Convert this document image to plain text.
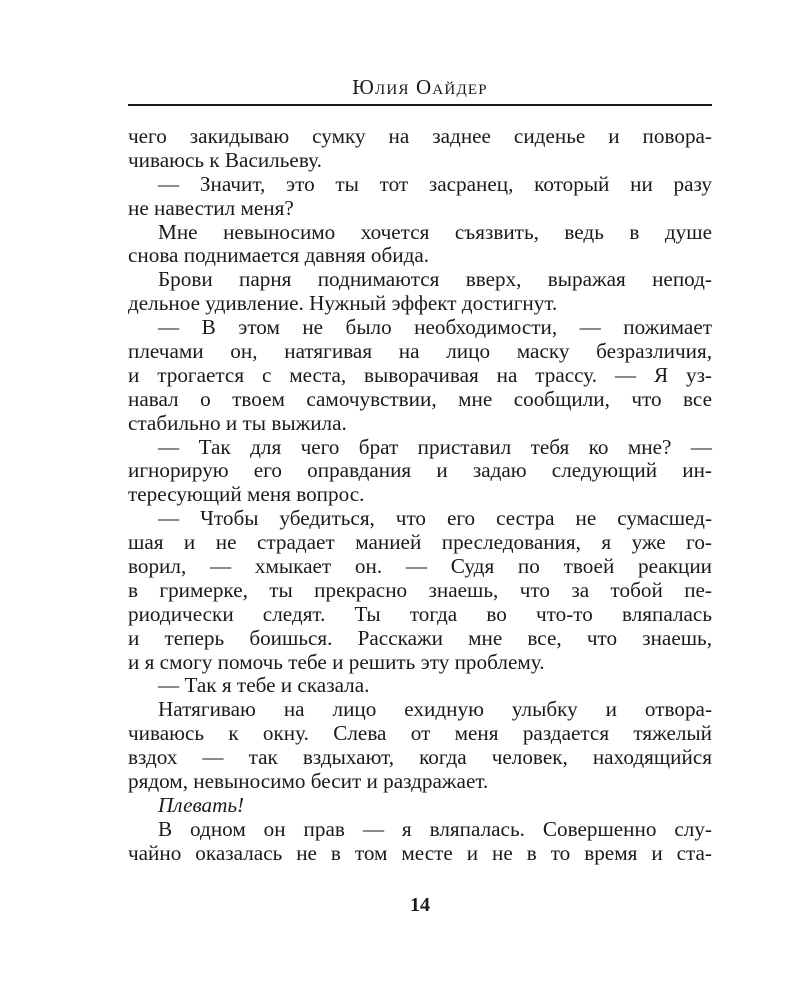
Юлия Оайдер
чего закидываю сумку на заднее сиденье и повора-
чиваюсь к Васильеву.
— Значит, это ты тот засранец, который ни разу
не навестил меня?
Мне невыносимо хочется съязвить, ведь в душе
снова поднимается давняя обида.
Брови парня поднимаются вверх, выражая непод-
дельное удивление. Нужный эффект достигнут.
— В этом не было необходимости, — пожимает
плечами он, натягивая на лицо маску безразличия,
и трогается с места, выворачивая на трассу. — Я уз-
навал о твоем самочувствии, мне сообщили, что все
стабильно и ты выжила.
— Так для чего брат приставил тебя ко мне? —
игнорирую его оправдания и задаю следующий ин-
тересующий меня вопрос.
— Чтобы убедиться, что его сестра не сумасшед-
шая и не страдает манией преследования, я уже го-
ворил, — хмыкает он. — Судя по твоей реакции
в гримерке, ты прекрасно знаешь, что за тобой пе-
риодически следят. Ты тогда во что-то вляпалась
и теперь боишься. Расскажи мне все, что знаешь,
и я смогу помочь тебе и решить эту проблему.
— Так я тебе и сказала.
Натягиваю на лицо ехидную улыбку и отвора-
чиваюсь к окну. Слева от меня раздается тяжелый
вздох — так вздыхают, когда человек, находящийся
рядом, невыносимо бесит и раздражает.
Плевать!
В одном он прав — я вляпалась. Совершенно слу-
чайно оказалась не в том месте и не в то время и ста-
14
